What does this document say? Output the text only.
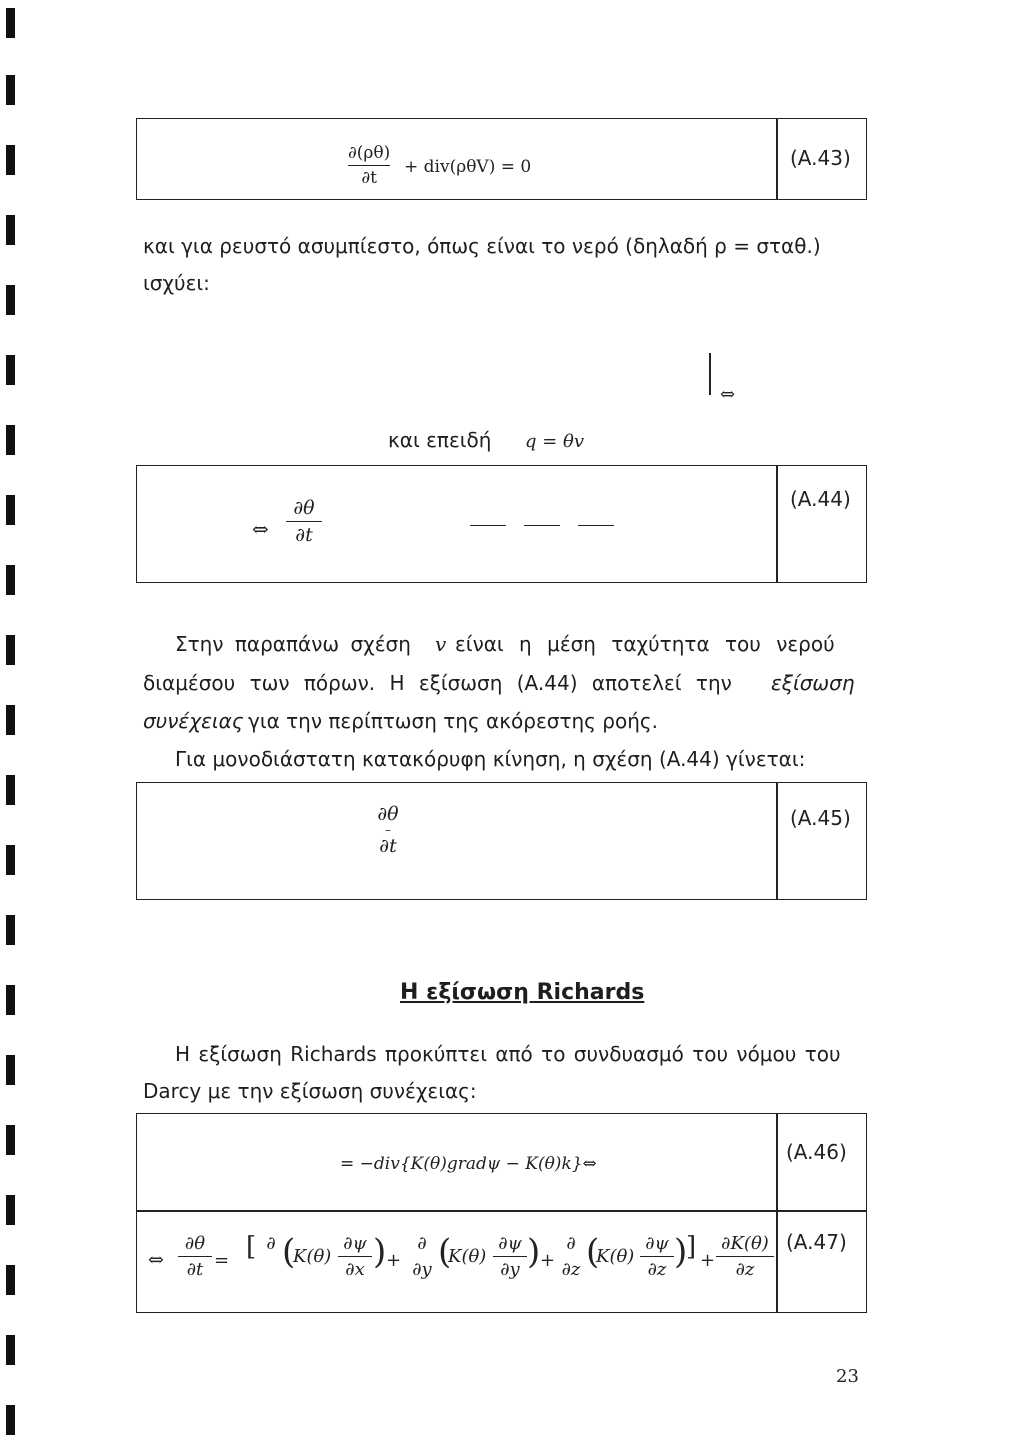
∂(ρθ)
∂t
+ div(ρθV) = 0	(A.43)
και για ρευστό ασυμπίεστο, όπως είναι το νερό (δηλαδή ρ = σταθ.)
ισχύει:
⇔
και επειδή q = θv
⇔
∂θ
∂t
(A.44)
Στην παραπάνω σχέση v είναι η μέση ταχύτητα του νερού
διαμέσου των πόρων. Η εξίσωση (A.44) αποτελεί την εξίσωση
συνέχειας για την περίπτωση της ακόρεστης ροής.
Για μονοδιάστατη κατακόρυφη κίνηση, η σχέση (A.44) γίνεται:
∂θ
–
∂t
(A.45)
Η εξίσωση Richards
Η εξίσωση Richards προκύπτει από το συνδυασμό του νόμου του
Darcy με την εξίσωση συνέχειας:
= −div{K(θ)gradψ − K(θ)k}⇔	(A.46)
⇔
∂θ
∂t = [ ∂ (
K(θ)
∂ψ
∂x ) +
∂
∂y (
K(θ)
∂ψ
∂y ) +
∂
∂z (
K(θ)
∂ψ
∂z )
] +
∂K(θ)
∂z
(A.47)
23
